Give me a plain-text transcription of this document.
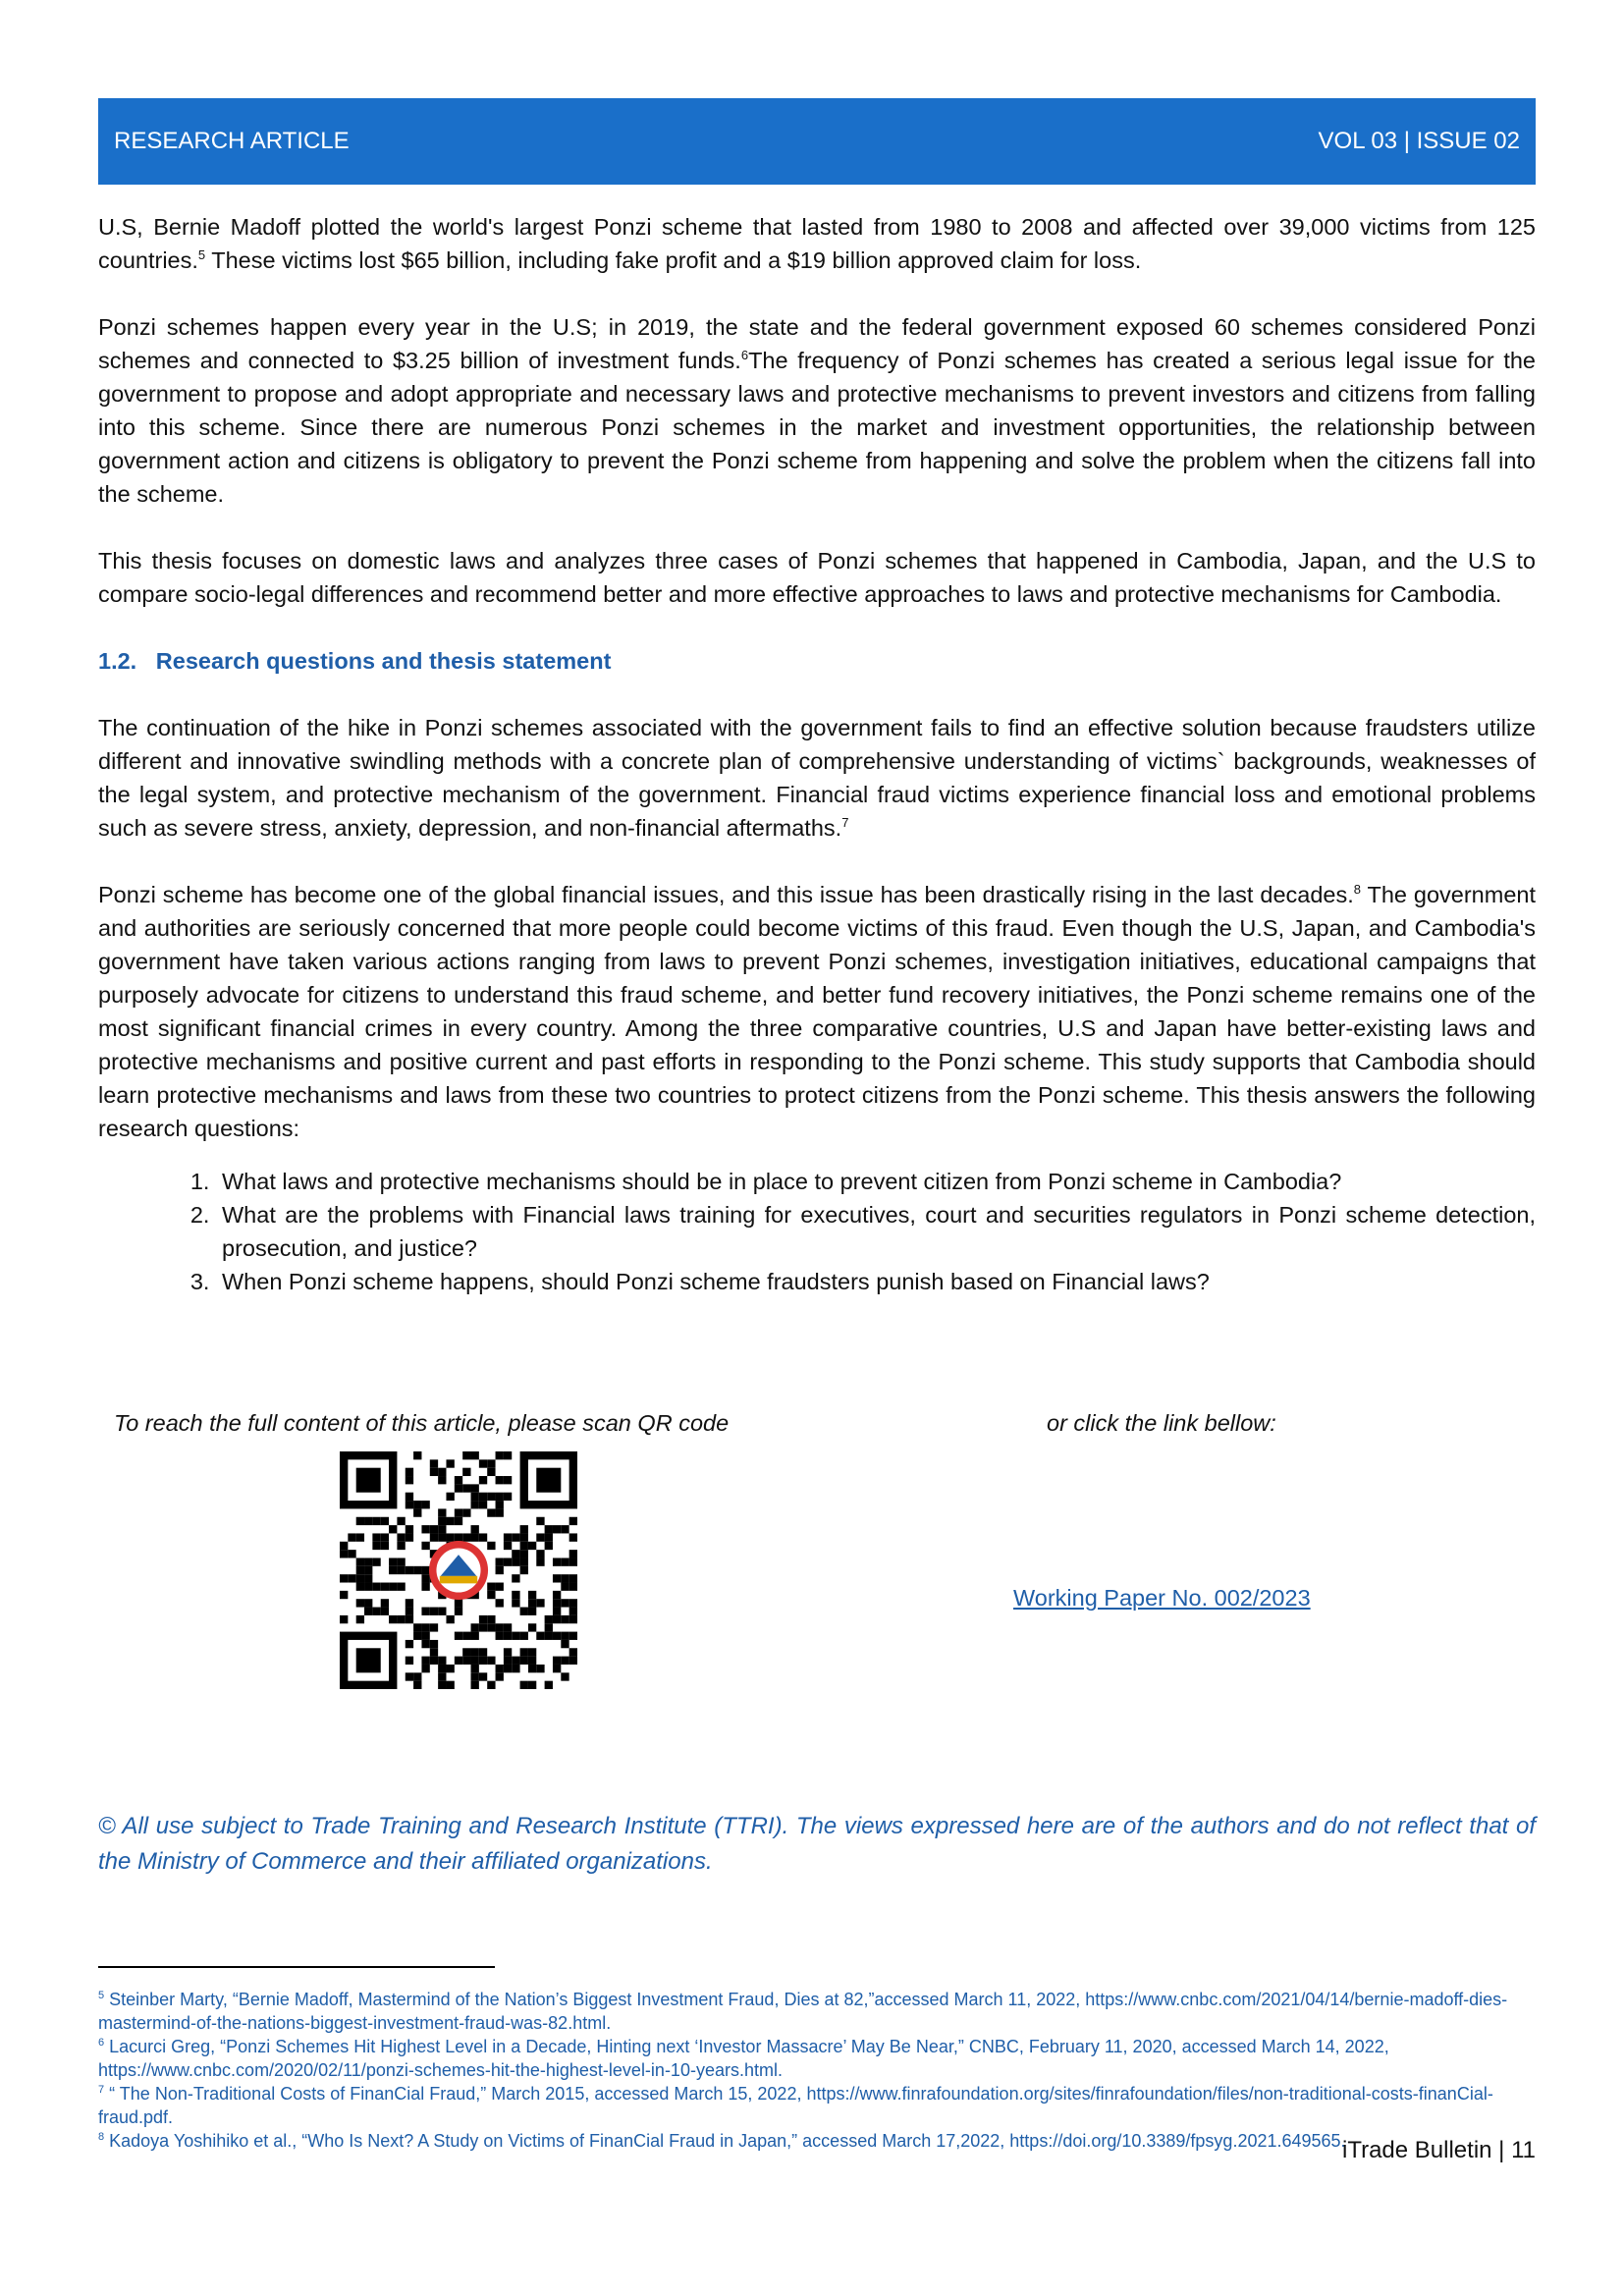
RESEARCH ARTICLE	VOL 03 | ISSUE 02

U.S, Bernie Madoff plotted the world's largest Ponzi scheme that lasted from 1980 to 2008 and affected over 39,000 victims from 125 countries.$^5$ These victims lost $65 billion, including fake profit and a $19 billion approved claim for loss.

Ponzi schemes happen every year in the U.S; in 2019, the state and the federal government exposed 60 schemes considered Ponzi schemes and connected to $3.25 billion of investment funds.$^6$The frequency of Ponzi schemes has created a serious legal issue for the government to propose and adopt appropriate and necessary laws and protective mechanisms to prevent investors and citizens from falling into this scheme. Since there are numerous Ponzi schemes in the market and investment opportunities, the relationship between government action and citizens is obligatory to prevent the Ponzi scheme from happening and solve the problem when the citizens fall into the scheme.

This thesis focuses on domestic laws and analyzes three cases of Ponzi schemes that happened in Cambodia, Japan, and the U.S to compare socio-legal differences and recommend better and more effective approaches to laws and protective mechanisms for Cambodia.

1.2.   Research questions and thesis statement

The continuation of the hike in Ponzi schemes associated with the government fails to find an effective solution because fraudsters utilize different and innovative swindling methods with a concrete plan of comprehensive understanding of victims` backgrounds, weaknesses of the legal system, and protective mechanism of the government. Financial fraud victims experience financial loss and emotional problems such as severe stress, anxiety, depression, and non-financial aftermaths.$^7$

Ponzi scheme has become one of the global financial issues, and this issue has been drastically rising in the last decades.$^8$ The government and authorities are seriously concerned that more people could become victims of this fraud. Even though the U.S, Japan, and Cambodia's government have taken various actions ranging from laws to prevent Ponzi schemes, investigation initiatives, educational campaigns that purposely advocate for citizens to understand this fraud scheme, and better fund recovery initiatives, the Ponzi scheme remains one of the most significant financial crimes in every country. Among the three comparative countries, U.S and Japan have better-existing laws and protective mechanisms and positive current and past efforts in responding to the Ponzi scheme. This study supports that Cambodia should learn protective mechanisms and laws from these two countries to protect citizens from the Ponzi scheme. This thesis answers the following research questions:

1. What laws and protective mechanisms should be in place to prevent citizen from Ponzi scheme in Cambodia?
2. What are the problems with Financial laws training for executives, court and securities regulators in Ponzi scheme detection, prosecution, and justice?
3. When Ponzi scheme happens, should Ponzi scheme fraudsters punish based on Financial laws?
To reach the full content of this article, please scan QR code	or click the link bellow:
Working Paper No. 002/2023
© All use subject to Trade Training and Research Institute (TTRI). The views expressed here are of the authors and do not reflect that of the Ministry of Commerce and their affiliated organizations.
$^5$ Steinber Marty, “Bernie Madoff, Mastermind of the Nation’s Biggest Investment Fraud, Dies at 82,”accessed March 11, 2022, https://www.cnbc.com/2021/04/14/bernie-madoff-dies-mastermind-of-the-nations-biggest-investment-fraud-was-82.html.
$^6$ Lacurci Greg, “Ponzi Schemes Hit Highest Level in a Decade, Hinting next ‘Investor Massacre’ May Be Near,” CNBC, February 11, 2020, accessed March 14, 2022, https://www.cnbc.com/2020/02/11/ponzi-schemes-hit-the-highest-level-in-10-years.html.
$^7$ “ The Non-Traditional Costs of FinanCial Fraud,” March 2015, accessed March 15, 2022, https://www.finrafoundation.org/sites/finrafoundation/files/non-traditional-costs-finanCial-fraud.pdf.
$^8$ Kadoya Yoshihiko et al., “Who Is Next? A Study on Victims of FinanCial Fraud in Japan,” accessed March 17,2022, https://doi.org/10.3389/fpsyg.2021.649565.
iTrade Bulletin | 11
